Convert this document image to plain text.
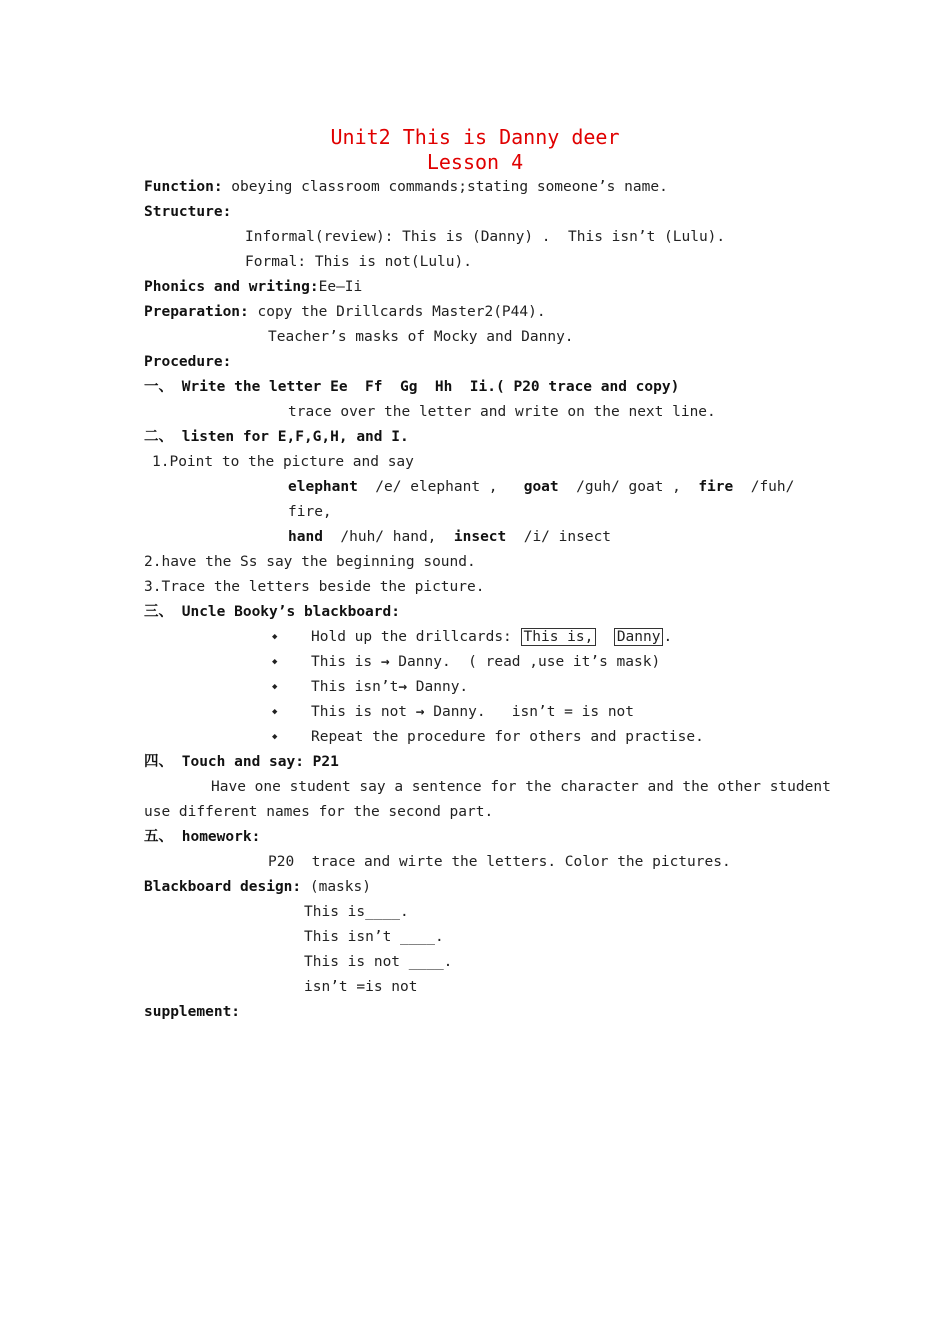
Unit2 This is Danny deer
Lesson 4
Function: obeying classroom commands;stating someone’s name.
Structure:
Informal(review): This is (Danny) .  This isn’t (Lulu).
Formal: This is not(Lulu).
Phonics and writing:Ee—Ii
Preparation: copy the Drillcards Master2(P44).
Teacher’s masks of Mocky and Danny.
Procedure:
一、 Write the letter Ee  Ff  Gg  Hh  Ii.( P20 trace and copy)
trace over the letter and write on the next line.
二、 listen for E,F,G,H, and I.
1.Point to the picture and say
elephant  /e/ elephant ,   goat  /guh/ goat ,  fire  /fuh/
fire,
hand  /huh/ hand,  insect  /i/ insect
2.have the Ss say the beginning sound.
3.Trace the letters beside the picture.
三、 Uncle Booky’s blackboard:
◆ Hold up the drillcards: This is, Danny .
◆ This is → Danny.  ( read ,use it’s mask)
◆ This isn’t→ Danny.
◆ This is not → Danny.   isn’t = is not
◆ Repeat the procedure for others and practise.
四、 Touch and say: P21
Have one student say a sentence for the character and the other student
use different names for the second part.
五、 homework:
P20  trace and wirte the letters. Color the pictures.
Blackboard design: (masks)
This is____.
This isn’t ____.
This is not ____.
isn’t =is not
supplement:
